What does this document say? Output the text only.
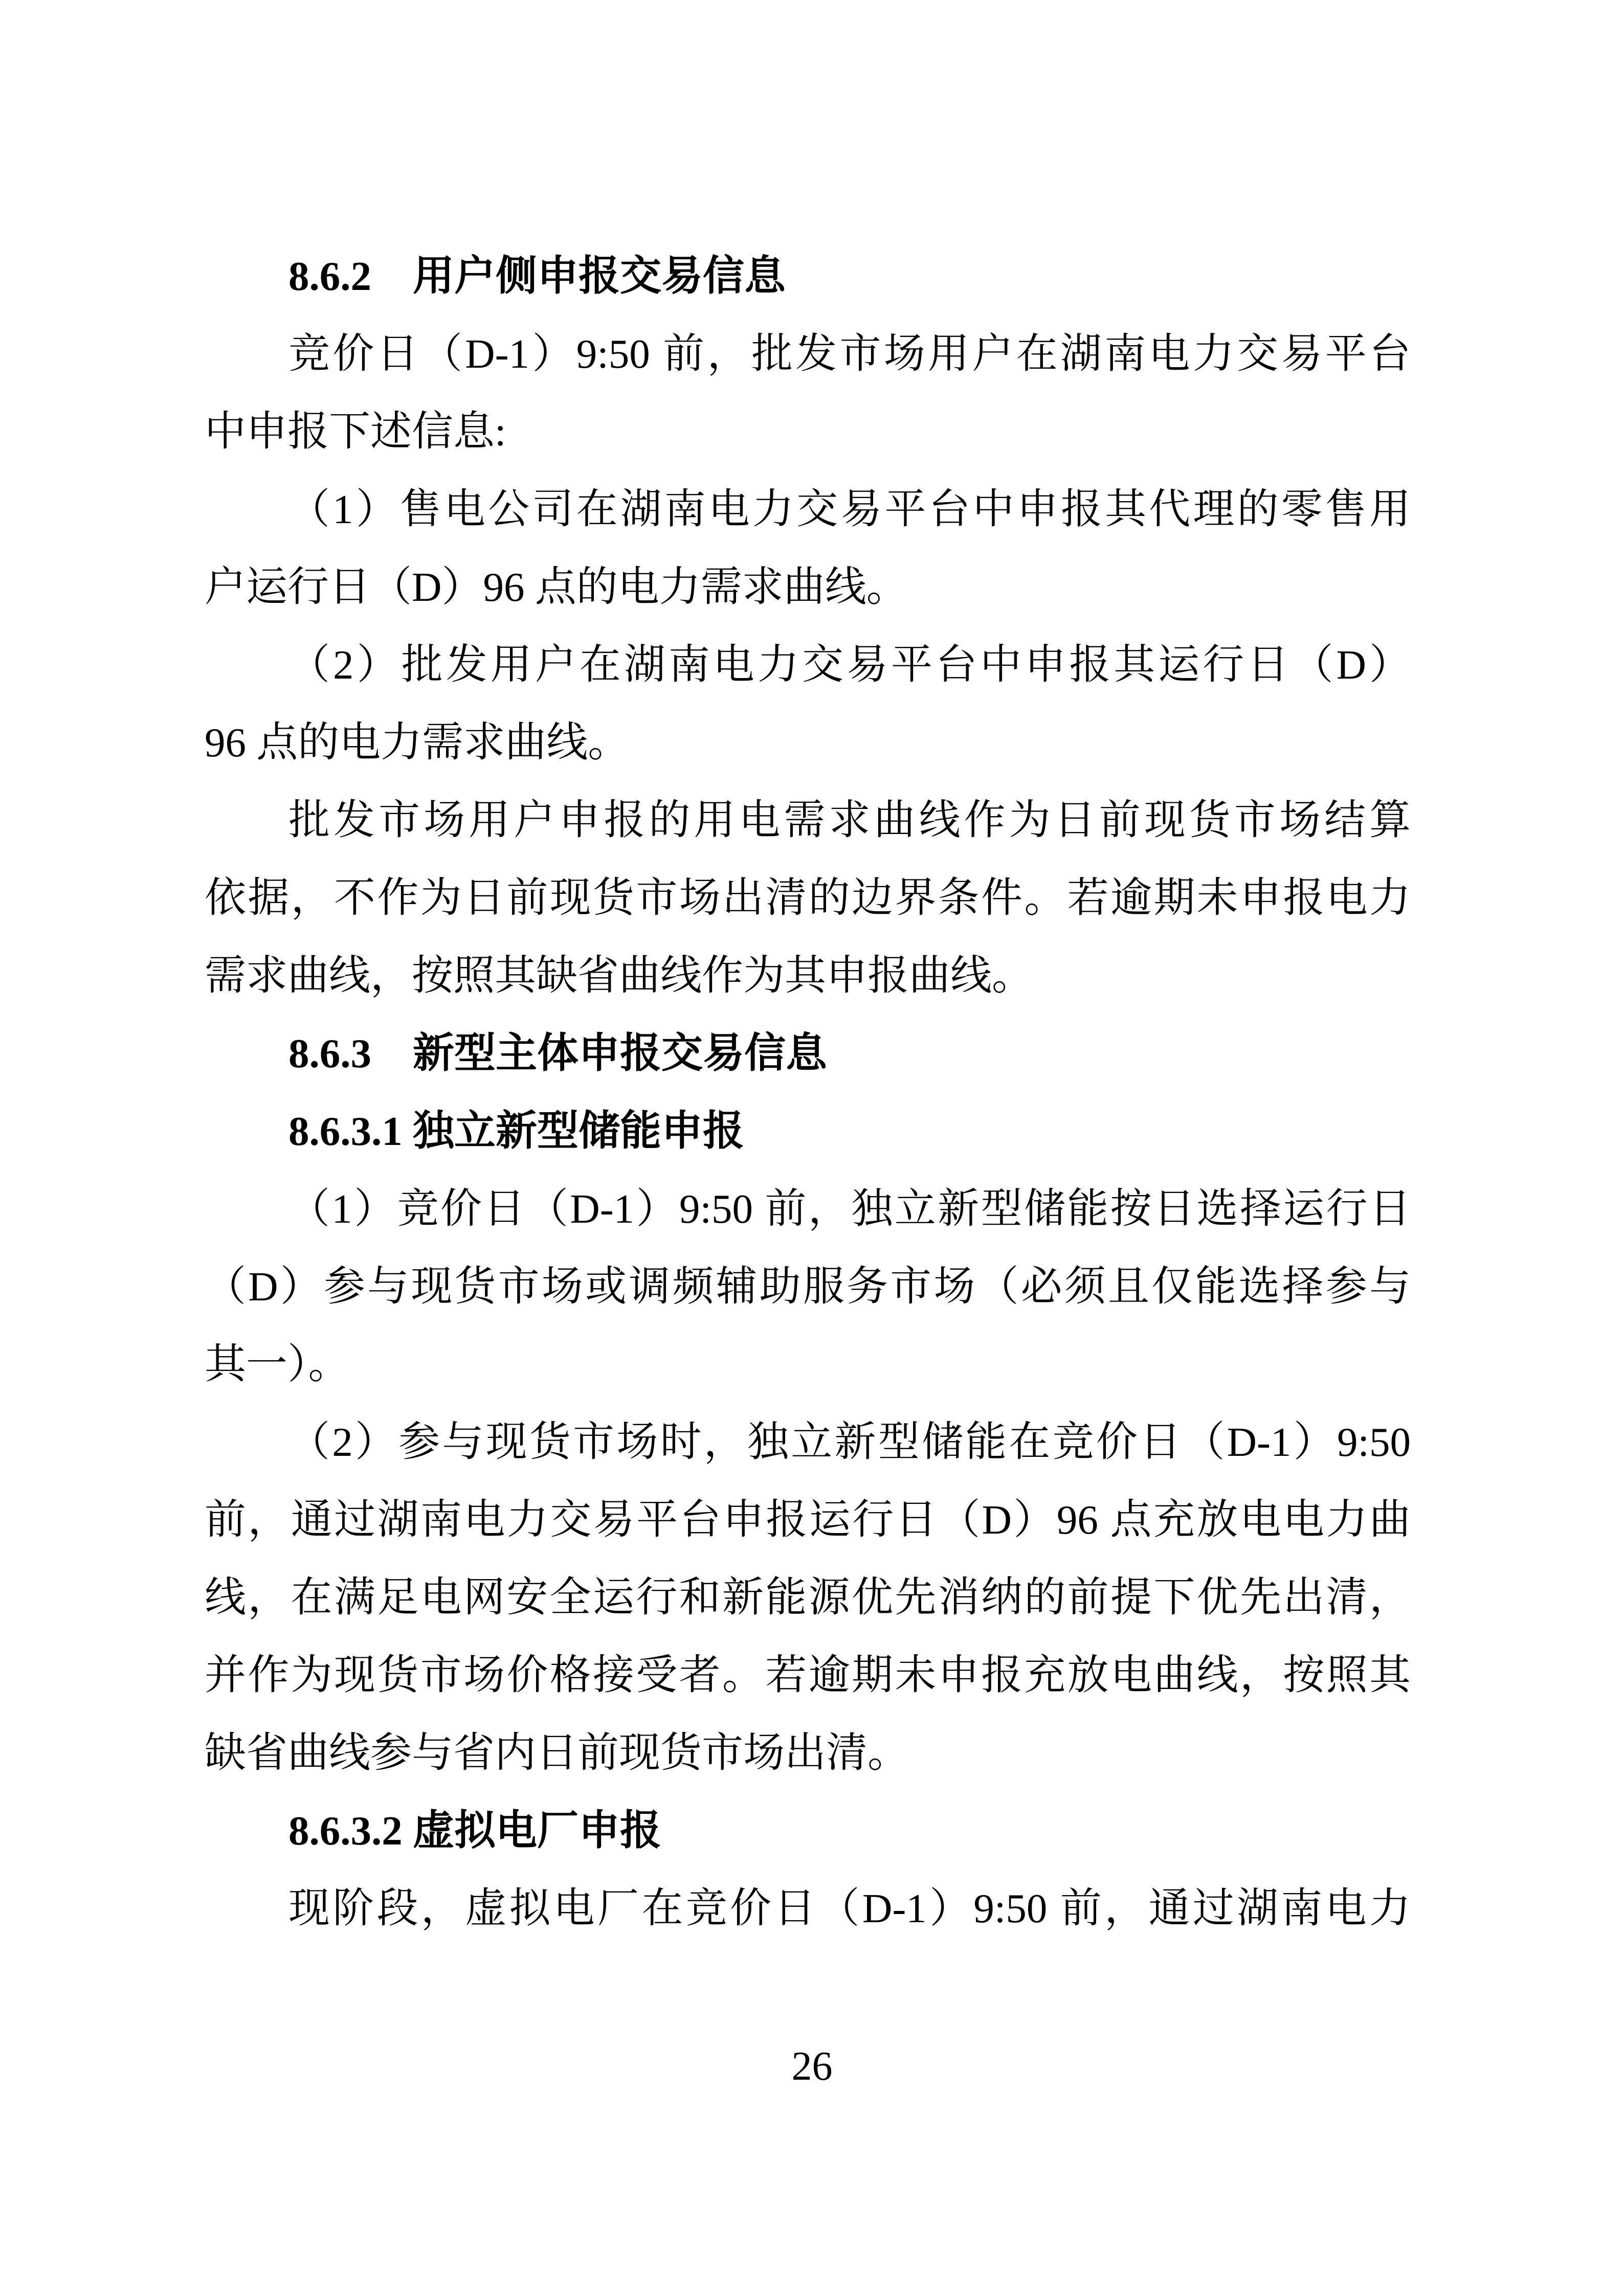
8.6.2　用户侧申报交易信息
竞价日（D-1）9:50 前，批发市场用户在湖南电力交易平台
中申报下述信息:
（1）售电公司在湖南电力交易平台中申报其代理的零售用
户运行日（D）96 点的电力需求曲线。
（2）批发用户在湖南电力交易平台中申报其运行日（D）
96 点的电力需求曲线。
批发市场用户申报的用电需求曲线作为日前现货市场结算
依据，不作为日前现货市场出清的边界条件。若逾期未申报电力
需求曲线，按照其缺省曲线作为其申报曲线。
8.6.3　新型主体申报交易信息
8.6.3.1 独立新型储能申报
（1）竞价日（D-1）9:50 前，独立新型储能按日选择运行日
（D）参与现货市场或调频辅助服务市场（必须且仅能选择参与
其一）。
（2）参与现货市场时，独立新型储能在竞价日（D-1）9:50
前，通过湖南电力交易平台申报运行日（D）96 点充放电电力曲
线，在满足电网安全运行和新能源优先消纳的前提下优先出清，
并作为现货市场价格接受者。若逾期未申报充放电曲线，按照其
缺省曲线参与省内日前现货市场出清。
8.6.3.2 虚拟电厂申报
现阶段，虚拟电厂在竞价日（D-1）9:50 前，通过湖南电力
26
